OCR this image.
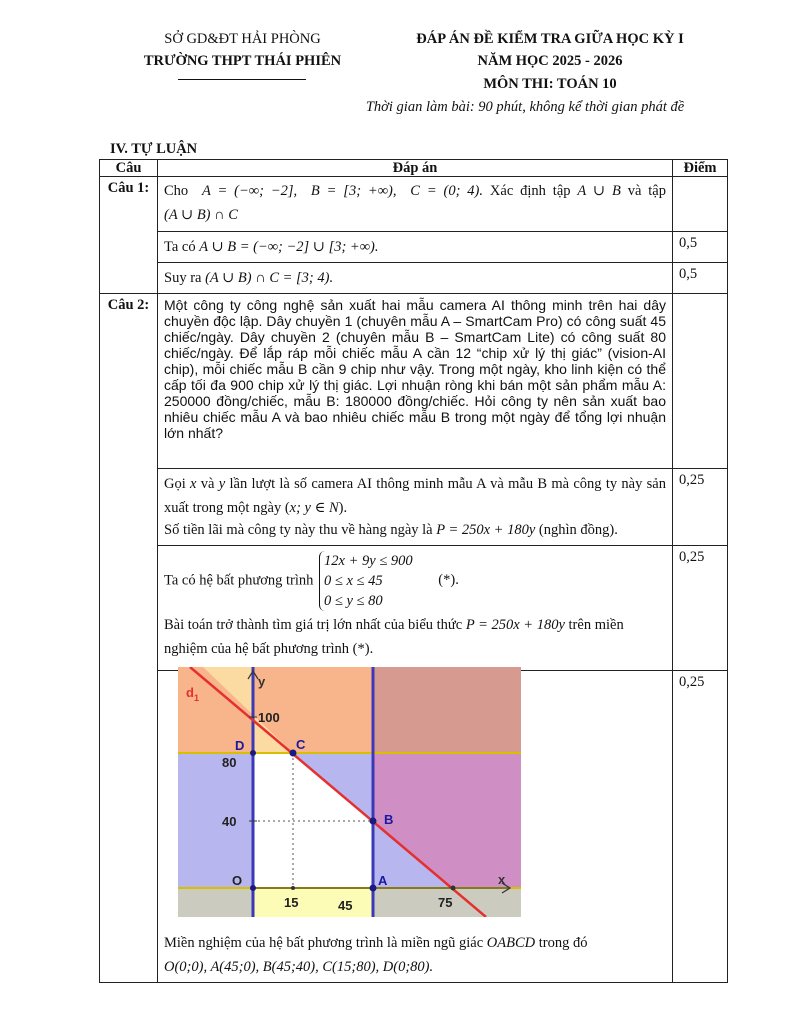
SỞ GD&ĐT HẢI PHÒNG
TRƯỜNG THPT THÁI PHIÊN
ĐÁP ÁN ĐỀ KIỂM TRA GIỮA HỌC KỲ I
NĂM HỌC 2025 - 2026
MÔN THI: TOÁN 10
Thời gian làm bài: 90 phút, không kể thời gian phát đề
IV. TỰ LUẬN
Câu	Đáp án	Điểm
Câu 1:	Cho A = (−∞; −2], B = [3; +∞), C = (0; 4). Xác định tập A ∪ B và tập
(A ∪ B) ∩ C	

	Ta có A ∪ B = (−∞; −2] ∪ [3; +∞).	0,5
	Suy ra (A ∪ B) ∩ C = [3; 4).	0,5
Câu 2:	Một công ty công nghệ sản xuất hai mẫu camera AI thông minh trên hai dây chuyền độc lập. Dây chuyền 1 (chuyên mẫu A – SmartCam Pro) có công suất 45 chiếc/ngày. Dây chuyền 2 (chuyên mẫu B – SmartCam Lite) có công suất 80 chiếc/ngày. Để lắp ráp mỗi chiếc mẫu A cần 12 “chip xử lý thị giác” (vision-AI chip), mỗi chiếc mẫu B cần 9 chip như vậy. Trong một ngày, kho linh kiện có thể cấp tối đa 900 chip xử lý thị giác. Lợi nhuận ròng khi bán một sản phẩm mẫu A: 250000 đồng/chiếc, mẫu B: 180000 đồng/chiếc. Hỏi công ty nên sản xuất bao nhiêu chiếc mẫu A và bao nhiêu chiếc mẫu B trong một ngày để tổng lợi nhuận lớn nhất?	

	Gọi x và y lần lượt là số camera AI thông minh mẫu A và mẫu B mà công ty này sản xuất trong một ngày (x; y ∈ N).
Số tiền lãi mà công ty này thu về hàng ngày là P = 250x + 180y (nghìn đồng).	0,25

	Ta có hệ bất phương trình 12x + 9y ≤ 900
0 ≤ x ≤ 45
0 ≤ y ≤ 80 (*).
Bài toán trở thành tìm giá trị lớn nhất của biểu thức P = 250x + 180y trên miền nghiệm của hệ bất phương trình (*).	0,25

	Miền nghiệm của hệ bất phương trình là miền ngũ giác OABCD trong đó
O(0;0), A(45;0), B(45;40), C(15;80), D(0;80).	0,25
$d_1$
y
x
100
80
40
15	45	75
D	C
B
A
O
